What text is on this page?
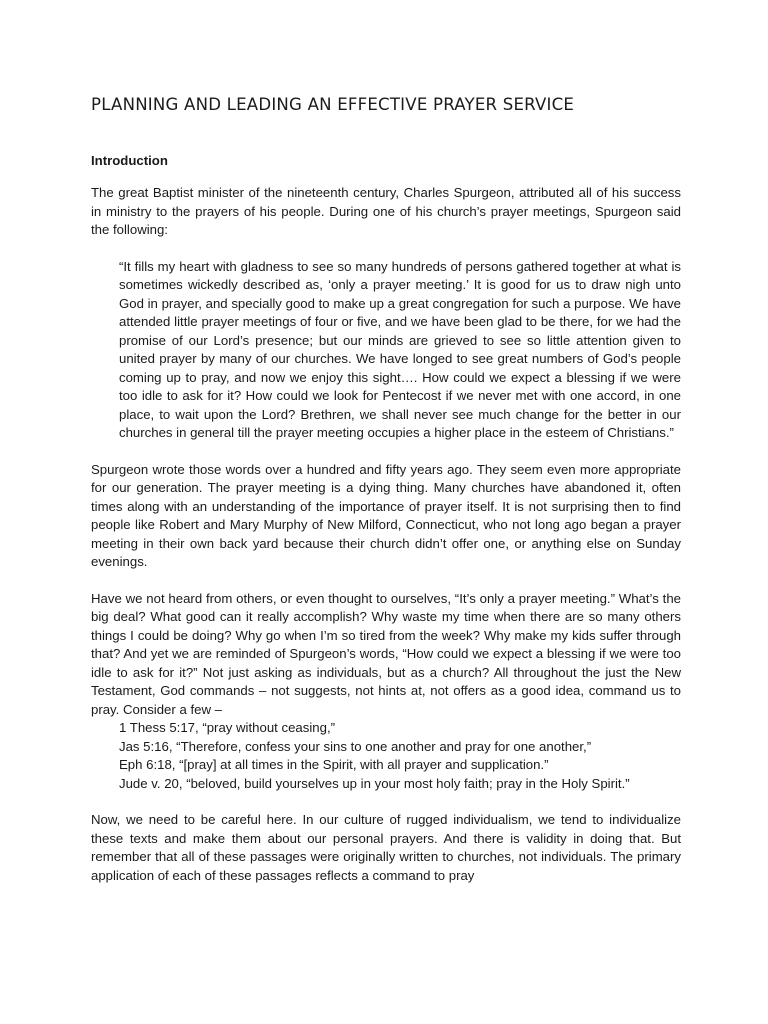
PLANNING AND LEADING AN EFFECTIVE PRAYER SERVICE
Introduction

The great Baptist minister of the nineteenth century, Charles Spurgeon, attributed all of his success in ministry to the prayers of his people. During one of his church’s prayer meetings, Spurgeon said the following:

“It fills my heart with gladness to see so many hundreds of persons gathered together at what is sometimes wickedly described as, ‘only a prayer meeting.’ It is good for us to draw nigh unto God in prayer, and specially good to make up a great congregation for such a purpose. We have attended little prayer meetings of four or five, and we have been glad to be there, for we had the promise of our Lord’s presence; but our minds are grieved to see so little attention given to united prayer by many of our churches. We have longed to see great numbers of God’s people coming up to pray, and now we enjoy this sight…. How could we expect a blessing if we were too idle to ask for it? How could we look for Pentecost if we never met with one accord, in one place, to wait upon the Lord? Brethren, we shall never see much change for the better in our churches in general till the prayer meeting occupies a higher place in the esteem of Christians.”

Spurgeon wrote those words over a hundred and fifty years ago. They seem even more appropriate for our generation. The prayer meeting is a dying thing. Many churches have abandoned it, often times along with an understanding of the importance of prayer itself. It is not surprising then to find people like Robert and Mary Murphy of New Milford, Connecticut, who not long ago began a prayer meeting in their own back yard because their church didn’t offer one, or anything else on Sunday evenings.

Have we not heard from others, or even thought to ourselves, “It’s only a prayer meeting.” What’s the big deal? What good can it really accomplish? Why waste my time when there are so many others things I could be doing? Why go when I’m so tired from the week? Why make my kids suffer through that? And yet we are reminded of Spurgeon’s words, “How could we expect a blessing if we were too idle to ask for it?” Not just asking as individuals, but as a church? All throughout the just the New Testament, God commands – not suggests, not hints at, not offers as a good idea, command us to pray. Consider a few –

1 Thess 5:17, “pray without ceasing,”
Jas 5:16, “Therefore, confess your sins to one another and pray for one another,”
Eph 6:18, “[pray] at all times in the Spirit, with all prayer and supplication.”
Jude v. 20, “beloved, build yourselves up in your most holy faith; pray in the Holy Spirit.”

Now, we need to be careful here. In our culture of rugged individualism, we tend to individualize these texts and make them about our personal prayers. And there is validity in doing that. But remember that all of these passages were originally written to churches, not individuals. The primary application of each of these passages reflects a command to pray
